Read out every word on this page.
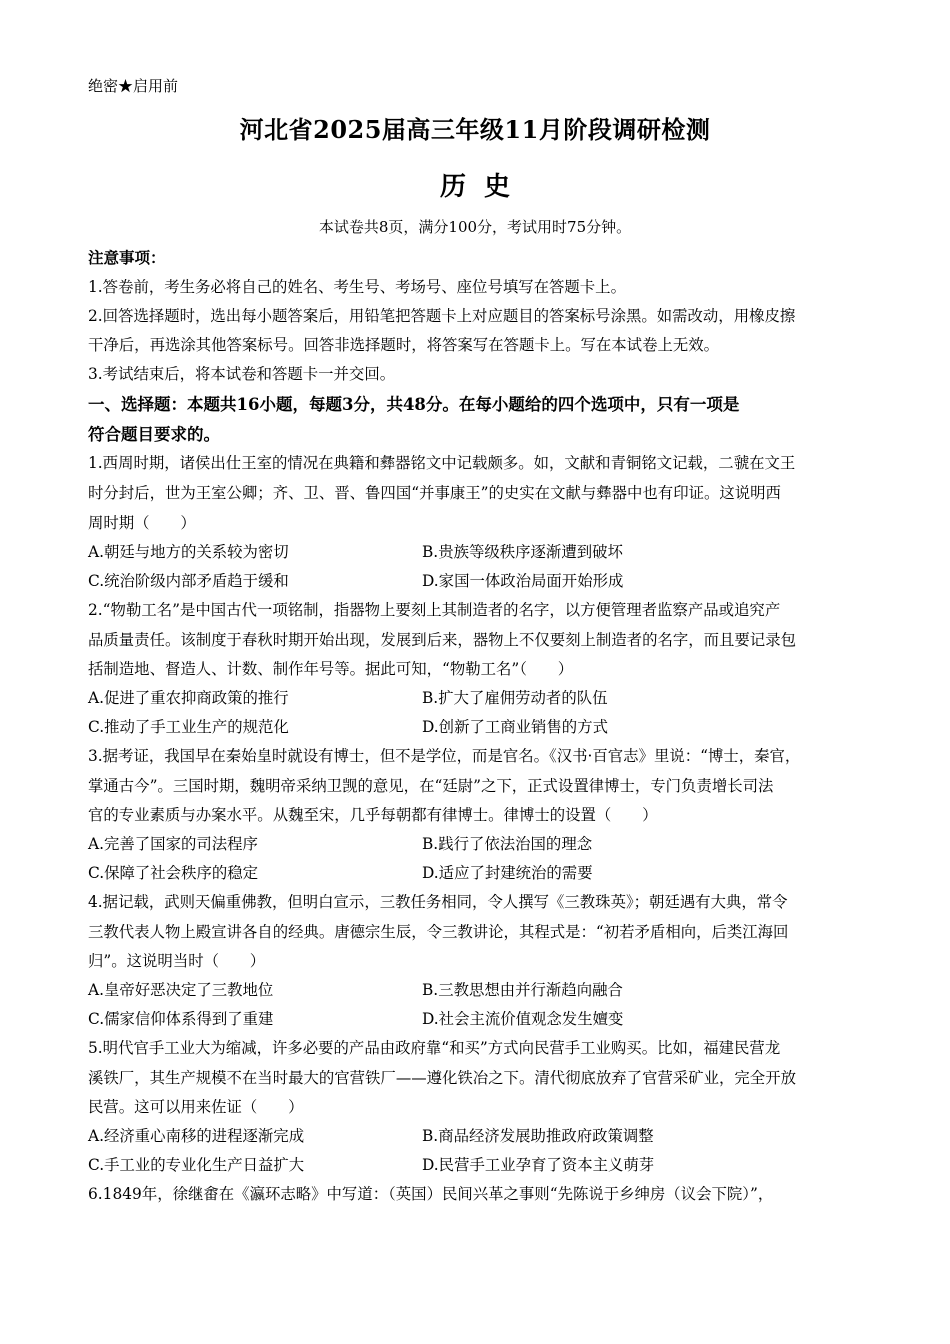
绝密★启用前
河北省2025届高三年级11月阶段调研检测
历史
本试卷共8页，满分100分，考试用时75分钟。
注意事项：
1.答卷前，考生务必将自己的姓名、考生号、考场号、座位号填写在答题卡上。
2.回答选择题时，选出每小题答案后，用铅笔把答题卡上对应题目的答案标号涂黑。如需改动，用橡皮擦
干净后，再选涂其他答案标号。回答非选择题时，将答案写在答题卡上。写在本试卷上无效。
3.考试结束后，将本试卷和答题卡一并交回。
一、选择题：本题共16小题，每题3分，共48分。在每小题给的四个选项中，只有一项是
符合题目要求的。
1.西周时期，诸侯出仕王室的情况在典籍和彝器铭文中记载颇多。如，文献和青铜铭文记载，二虢在文王
时分封后，世为王室公卿；齐、卫、晋、鲁四国“并事康王”的史实在文献与彝器中也有印证。这说明西
周时期（　　）
A.朝廷与地方的关系较为密切	B.贵族等级秩序逐渐遭到破坏
C.统治阶级内部矛盾趋于缓和	D.家国一体政治局面开始形成
2.“物勒工名”是中国古代一项铭制，指器物上要刻上其制造者的名字，以方便管理者监察产品或追究产
品质量责任。该制度于春秋时期开始出现，发展到后来，器物上不仅要刻上制造者的名字，而且要记录包
括制造地、督造人、计数、制作年号等。据此可知，“物勒工名”（　　）
A.促进了重农抑商政策的推行	B.扩大了雇佣劳动者的队伍
C.推动了手工业生产的规范化	D.创新了工商业销售的方式
3.据考证，我国早在秦始皇时就设有博士，但不是学位，而是官名。《汉书·百官志》里说：“博士，秦官，
掌通古今”。三国时期，魏明帝采纳卫觊的意见，在“廷尉”之下，正式设置律博士，专门负责增长司法
官的专业素质与办案水平。从魏至宋，几乎每朝都有律博士。律博士的设置（　　）
A.完善了国家的司法程序	B.践行了依法治国的理念
C.保障了社会秩序的稳定	D.适应了封建统治的需要
4.据记载，武则天偏重佛教，但明白宣示，三教任务相同，令人撰写《三教珠英》；朝廷遇有大典，常令
三教代表人物上殿宣讲各自的经典。唐德宗生辰，令三教讲论，其程式是：“初若矛盾相向，后类江海回
归”。这说明当时（　　）
A.皇帝好恶决定了三教地位	B.三教思想由并行渐趋向融合
C.儒家信仰体系得到了重建	D.社会主流价值观念发生嬗变
5.明代官手工业大为缩减，许多必要的产品由政府靠“和买”方式向民营手工业购买。比如，福建民营龙
溪铁厂，其生产规模不在当时最大的官营铁厂——遵化铁冶之下。清代彻底放弃了官营采矿业，完全开放
民营。这可以用来佐证（　　）
A.经济重心南移的进程逐渐完成	B.商品经济发展助推政府政策调整
C.手工业的专业化生产日益扩大	D.民营手工业孕育了资本主义萌芽
6.1849年，徐继畬在《瀛环志略》中写道：（英国）民间兴革之事则“先陈说于乡绅房（议会下院）”，
